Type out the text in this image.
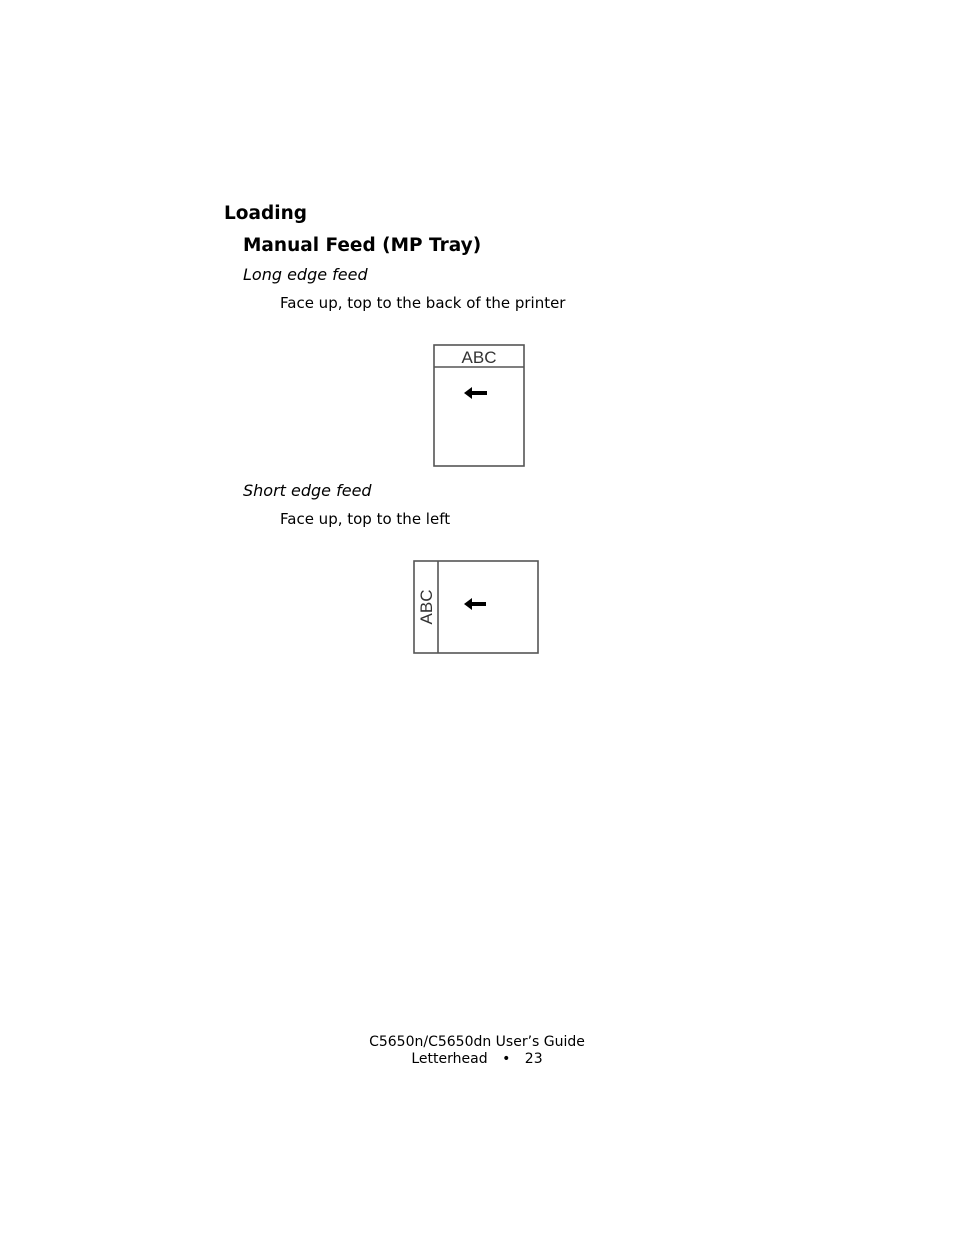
Loading
Manual Feed (MP Tray)
Long edge feed
Face up, top to the back of the printer
ABC
Short edge feed
Face up, top to the left
ABC
C5650n/C5650dn User’s Guide
Letterhead • 23
